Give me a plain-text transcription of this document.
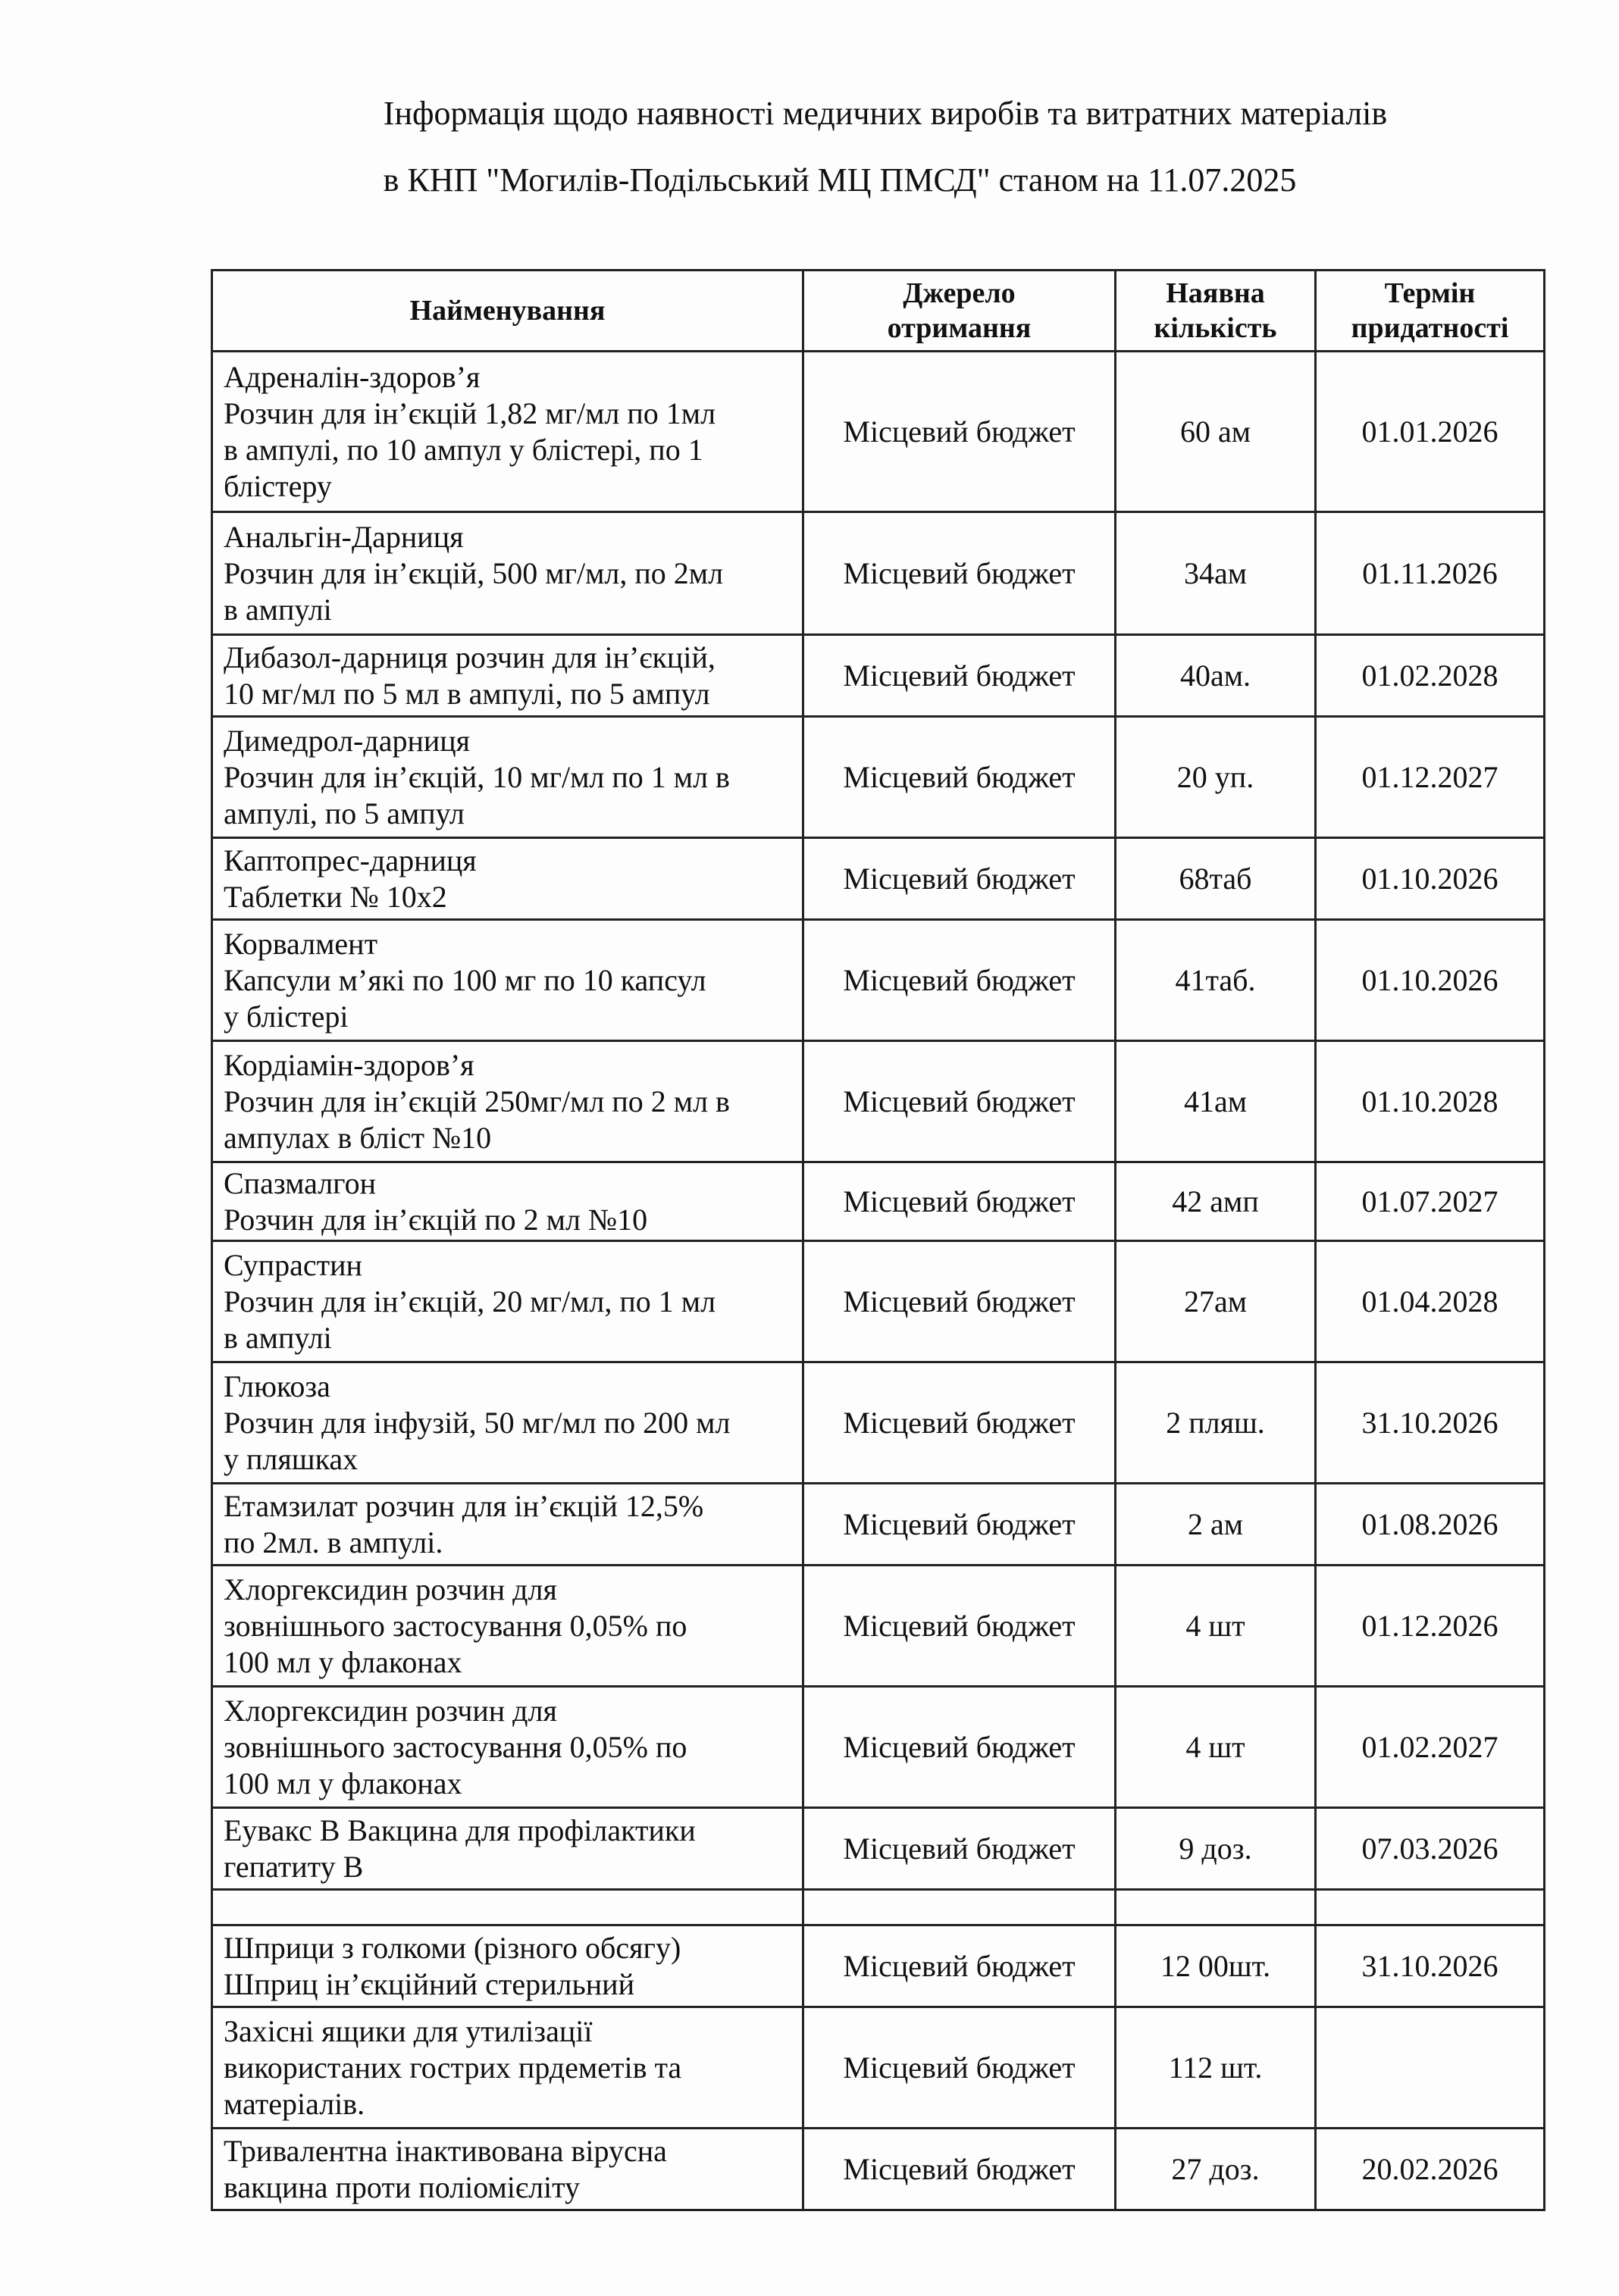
Інформація щодо наявності медичних виробів та витратних матеріалів
в КНП "Могилів-Подільський МЦ ПМСД" станом на 11.07.2025
Найменування	Джерело отримання	Наявна кількість	Термін придатності

Адреналін-здоров’я
Розчин для ін’єкцій 1,82 мг/мл по 1мл
в ампулі, по 10 ампул у блістері, по 1
блістеру	Місцевий бюджет	60 ам	01.01.2026

Анальгін-Дарниця
Розчин для ін’єкцій, 500 мг/мл, по 2мл
в ампулі	Місцевий бюджет	34ам	01.11.2026

Дибазол-дарниця розчин для ін’єкцій,
10 мг/мл по 5 мл в ампулі, по 5 ампул	Місцевий бюджет	40ам.	01.02.2028

Димедрол-дарниця
Розчин для ін’єкцій, 10 мг/мл по 1 мл в
ампулі, по 5 ампул	Місцевий бюджет	20 уп.	01.12.2027

Каптопрес-дарниця
Таблетки № 10х2	Місцевий бюджет	68таб	01.10.2026

Корвалмент
Капсули м’які по 100 мг по 10 капсул
у блістері	Місцевий бюджет	41таб.	01.10.2026

Кордіамін-здоров’я
Розчин для ін’єкцій 250мг/мл по 2 мл в
ампулах в бліст №10	Місцевий бюджет	41ам	01.10.2028

Спазмалгон
Розчин для ін’єкцій по 2 мл №10	Місцевий бюджет	42 амп	01.07.2027

Супрастин
Розчин для ін’єкцій, 20 мг/мл, по 1 мл
в ампулі	Місцевий бюджет	27ам	01.04.2028

Глюкоза
Розчин для інфузій, 50 мг/мл по 200 мл
у пляшках	Місцевий бюджет	2 пляш.	31.10.2026

Етамзилат розчин для ін’єкцій 12,5%
по 2мл. в ампулі.	Місцевий бюджет	2 ам	01.08.2026

Хлоргексидин розчин для
зовнішнього застосування 0,05% по
100 мл у флаконах	Місцевий бюджет	4 шт	01.12.2026

Хлоргексидин розчин для
зовнішнього застосування 0,05% по
100 мл у флаконах	Місцевий бюджет	4 шт	01.02.2027

Еувакс В Вакцина для профілактики
гепатиту В	Місцевий бюджет	9 доз.	07.03.2026

Шприци з голкоми (різного обсягу)
Шприц ін’єкційний стерильний	Місцевий бюджет	12 00шт.	31.10.2026

Захісні ящики для утилізації
використаних гострих прдеметів та
матеріалів.	Місцевий бюджет	112 шт.	

Тривалентна інактивована вірусна
вакцина проти поліомієліту	Місцевий бюджет	27 доз.	20.02.2026
